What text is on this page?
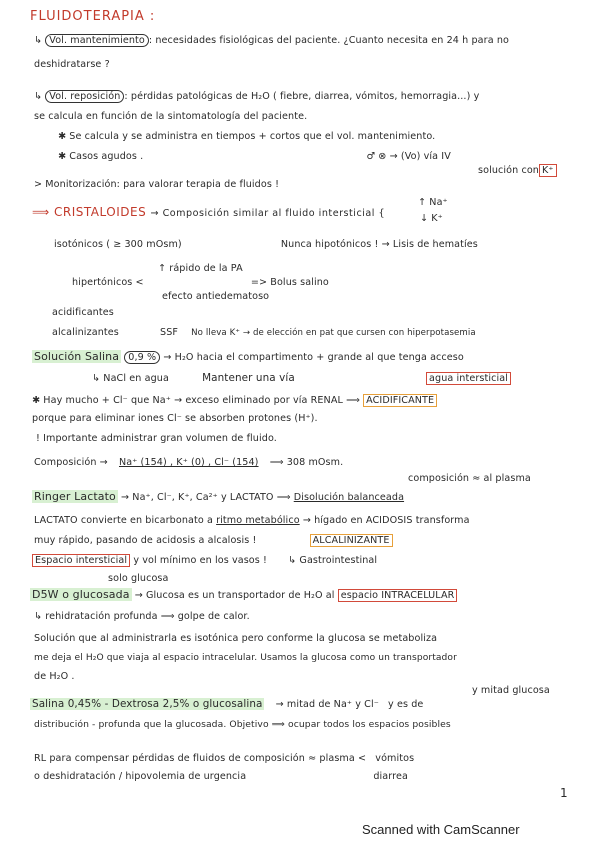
FLUIDOTERAPIA :
↳ Vol. mantenimiento : necesidades fisiológicas del paciente. ¿Cuanto necesita en 24 h para no
deshidratarse ?
↳ Vol. reposición : pérdidas patológicas de H₂O ( fiebre, diarrea, vómitos, hemorragia...) y
se calcula en función de la sintomatología del paciente.
✱ Se calcula y se administra en tiempos + cortos que el vol. mantenimiento.
✱ Casos agudos .	♂ ⊗ → (Vo) vía IV
solución con K⁺
> Monitorización: para valorar terapia de fluidos !
⟹ CRISTALOIDES → Composición similar al fluido intersticial {
↑ Na⁺
↓ K⁺
isotónicos ( ≥ 300 mOsm)	Nunca hipotónicos ! → Lisis de hematíes
↑ rápido de la PA
hipertónicos <	=> Bolus salino
efecto antiedematoso
acidificantes
alcalinizantes	SSF No lleva K⁺ → de elección en pat que cursen con hiperpotasemia
Solución Salina 0,9 % → H₂O hacia el compartimento + grande al que tenga acceso
↳ NaCl en agua	Mantener una vía	agua intersticial
✱ Hay mucho + Cl⁻ que Na⁺ → exceso eliminado por vía RENAL ⟹ ACIDIFICANTE
porque para eliminar iones Cl⁻ se absorben protones (H⁺).
! Importante administrar gran volumen de fluido.
Composición → Na⁺ (154) , K⁺ (0) , Cl⁻ (154) ⟹ 308 mOsm.
composición ≈ al plasma
Ringer Lactato → Na⁺, Cl⁻, K⁺, Ca²⁺ y LACTATO ⟹ Disolución balanceada
LACTATO convierte en bicarbonato a ritmo metabólico → hígado en ACIDOSIS transforma
muy rápido, pasando de acidosis a alcalosis !	ALCALINIZANTE
Espacio intersticial y vol mínimo en los vasos ! ↳ Gastrointestinal
solo glucosa
D5W o glucosada → Glucosa es un transportador de H₂O al espacio INTRACELULAR
↳ rehidratación profunda ⟹ golpe de calor.
Solución que al administrarla es isotónica pero conforme la glucosa se metaboliza
me deja el H₂O que viaja al espacio intracelular. Usamos la glucosa como un transportador
de H₂O .
y mitad glucosa
Salina 0,45% - Dextrosa 2,5% o glucosalina → mitad de Na⁺ y Cl⁻ y es de
distribución - profunda que la glucosada. Objetivo ⟹ ocupar todos los espacios posibles
RL para compensar pérdidas de fluidos de composición ≈ plasma < vómitos
o deshidratación / hipovolemia de urgencia	diarrea
1
Scanned with CamScanner
